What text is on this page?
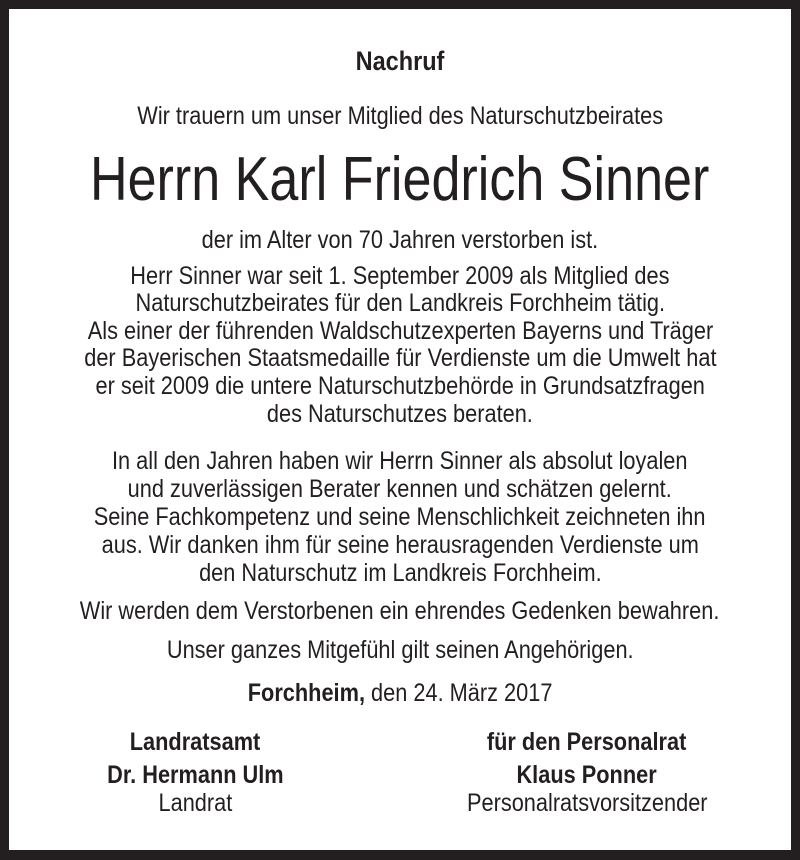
Nachruf
Wir trauern um unser Mitglied des Naturschutzbeirates
Herrn Karl Friedrich Sinner
der im Alter von 70 Jahren verstorben ist.
Herr Sinner war seit 1. September 2009 als Mitglied des
Naturschutzbeirates für den Landkreis Forchheim tätig.
Als einer der führenden Waldschutzexperten Bayerns und Träger
der Bayerischen Staatsmedaille für Verdienste um die Umwelt hat
er seit 2009 die untere Naturschutzbehörde in Grundsatzfragen
des Naturschutzes beraten.
In all den Jahren haben wir Herrn Sinner als absolut loyalen
und zuverlässigen Berater kennen und schätzen gelernt.
Seine Fachkompetenz und seine Menschlichkeit zeichneten ihn
aus. Wir danken ihm für seine herausragenden Verdienste um
den Naturschutz im Landkreis Forchheim.
Wir werden dem Verstorbenen ein ehrendes Gedenken bewahren.
Unser ganzes Mitgefühl gilt seinen Angehörigen.
Forchheim, den 24. März 2017
Landratsamt
Dr. Hermann Ulm
Landrat
für den Personalrat
Klaus Ponner
Personalratsvorsitzender
